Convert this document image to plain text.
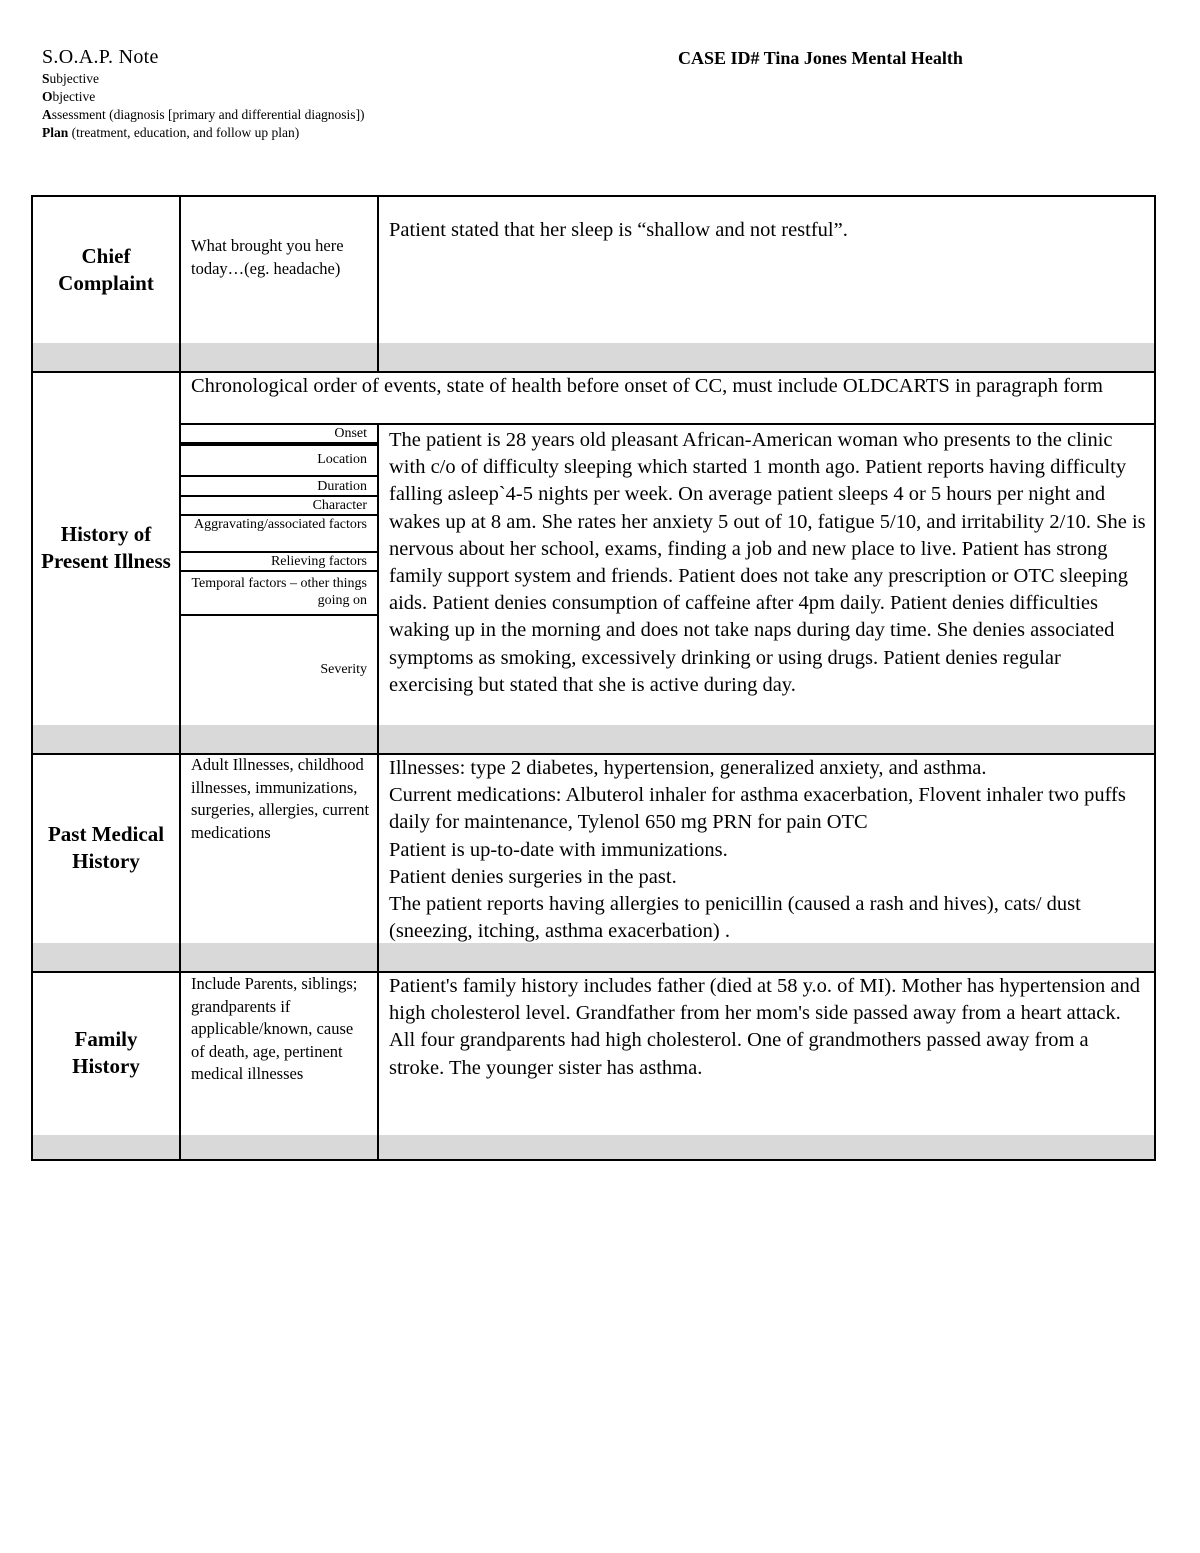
S.O.A.P. Note	CASE ID# Tina Jones Mental Health
Subjective
Objective
Assessment (diagnosis [primary and differential diagnosis])
Plan (treatment, education, and follow up plan)
Chief Complaint
What brought you here today…(eg. headache)
Patient stated that her sleep is “shallow and not restful”.
History of Present Illness
Chronological order of events, state of health before onset of CC, must include OLDCARTS in paragraph form
Onset
Location
Duration
Character
Aggravating/associated factors
Relieving factors
Temporal factors – other things going on
Severity
The patient is 28 years old pleasant African-American woman who presents to the clinic with c/o of difficulty sleeping which started 1 month ago. Patient reports having difficulty falling asleep`4-5 nights per week. On average patient sleeps 4 or 5 hours per night and wakes up at 8 am. She rates her anxiety 5 out of 10, fatigue 5/10, and irritability 2/10. She is nervous about her school, exams, finding a job and new place to live. Patient has strong family support system and friends. Patient does not take any prescription or OTC sleeping aids. Patient denies consumption of caffeine after 4pm daily. Patient denies difficulties waking up in the morning and does not take naps during day time. She denies associated symptoms as smoking, excessively drinking or using drugs. Patient denies regular exercising but stated that she is active during day.
Past Medical History
Adult Illnesses, childhood illnesses, immunizations, surgeries, allergies, current medications
Illnesses: type 2 diabetes, hypertension, generalized anxiety, and asthma.
Current medications: Albuterol inhaler for asthma exacerbation, Flovent inhaler two puffs daily for maintenance, Tylenol 650 mg PRN for pain OTC
Patient is up-to-date with immunizations.
Patient denies surgeries in the past.
The patient reports having allergies to penicillin (caused a rash and hives), cats/ dust (sneezing, itching, asthma exacerbation) .
Family History
Include Parents, siblings; grandparents if applicable/known, cause of death, age, pertinent medical illnesses
Patient's family history includes father (died at 58 y.o. of MI). Mother has hypertension and high cholesterol level. Grandfather from her mom's side passed away from a heart attack. All four grandparents had high cholesterol. One of grandmothers passed away from a stroke. The younger sister has asthma.
